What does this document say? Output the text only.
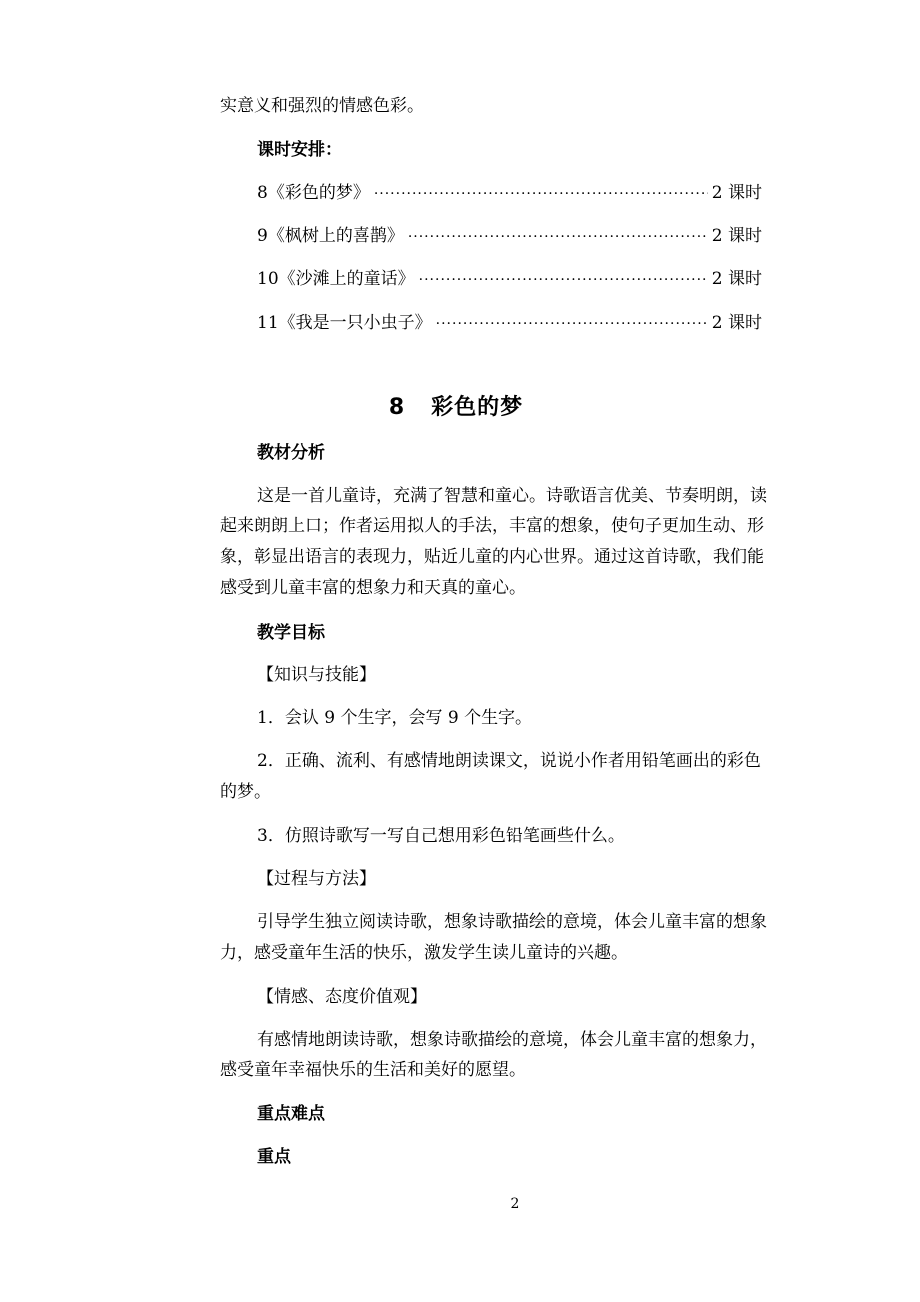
实意义和强烈的情感色彩。
课时安排：
8《彩色的梦》 ·····	2 课时
9《枫树上的喜鹊》 ·····	2 课时
10《沙滩上的童话》 ·····	2 课时
11《我是一只小虫子》 ·····	2 课时
8 彩色的梦
教材分析
这是一首儿童诗，充满了智慧和童心。诗歌语言优美、节奏明朗，读
起来朗朗上口；作者运用拟人的手法，丰富的想象，使句子更加生动、形
象，彰显出语言的表现力，贴近儿童的内心世界。通过这首诗歌，我们能
感受到儿童丰富的想象力和天真的童心。
教学目标
【知识与技能】
1．会认 9 个生字，会写 9 个生字。
2．正确、流利、有感情地朗读课文，说说小作者用铅笔画出的彩色
的梦。
3．仿照诗歌写一写自己想用彩色铅笔画些什么。
【过程与方法】
引导学生独立阅读诗歌，想象诗歌描绘的意境，体会儿童丰富的想象
力，感受童年生活的快乐，激发学生读儿童诗的兴趣。
【情感、态度价值观】
有感情地朗读诗歌，想象诗歌描绘的意境，体会儿童丰富的想象力，
感受童年幸福快乐的生活和美好的愿望。
重点难点
重点
2
